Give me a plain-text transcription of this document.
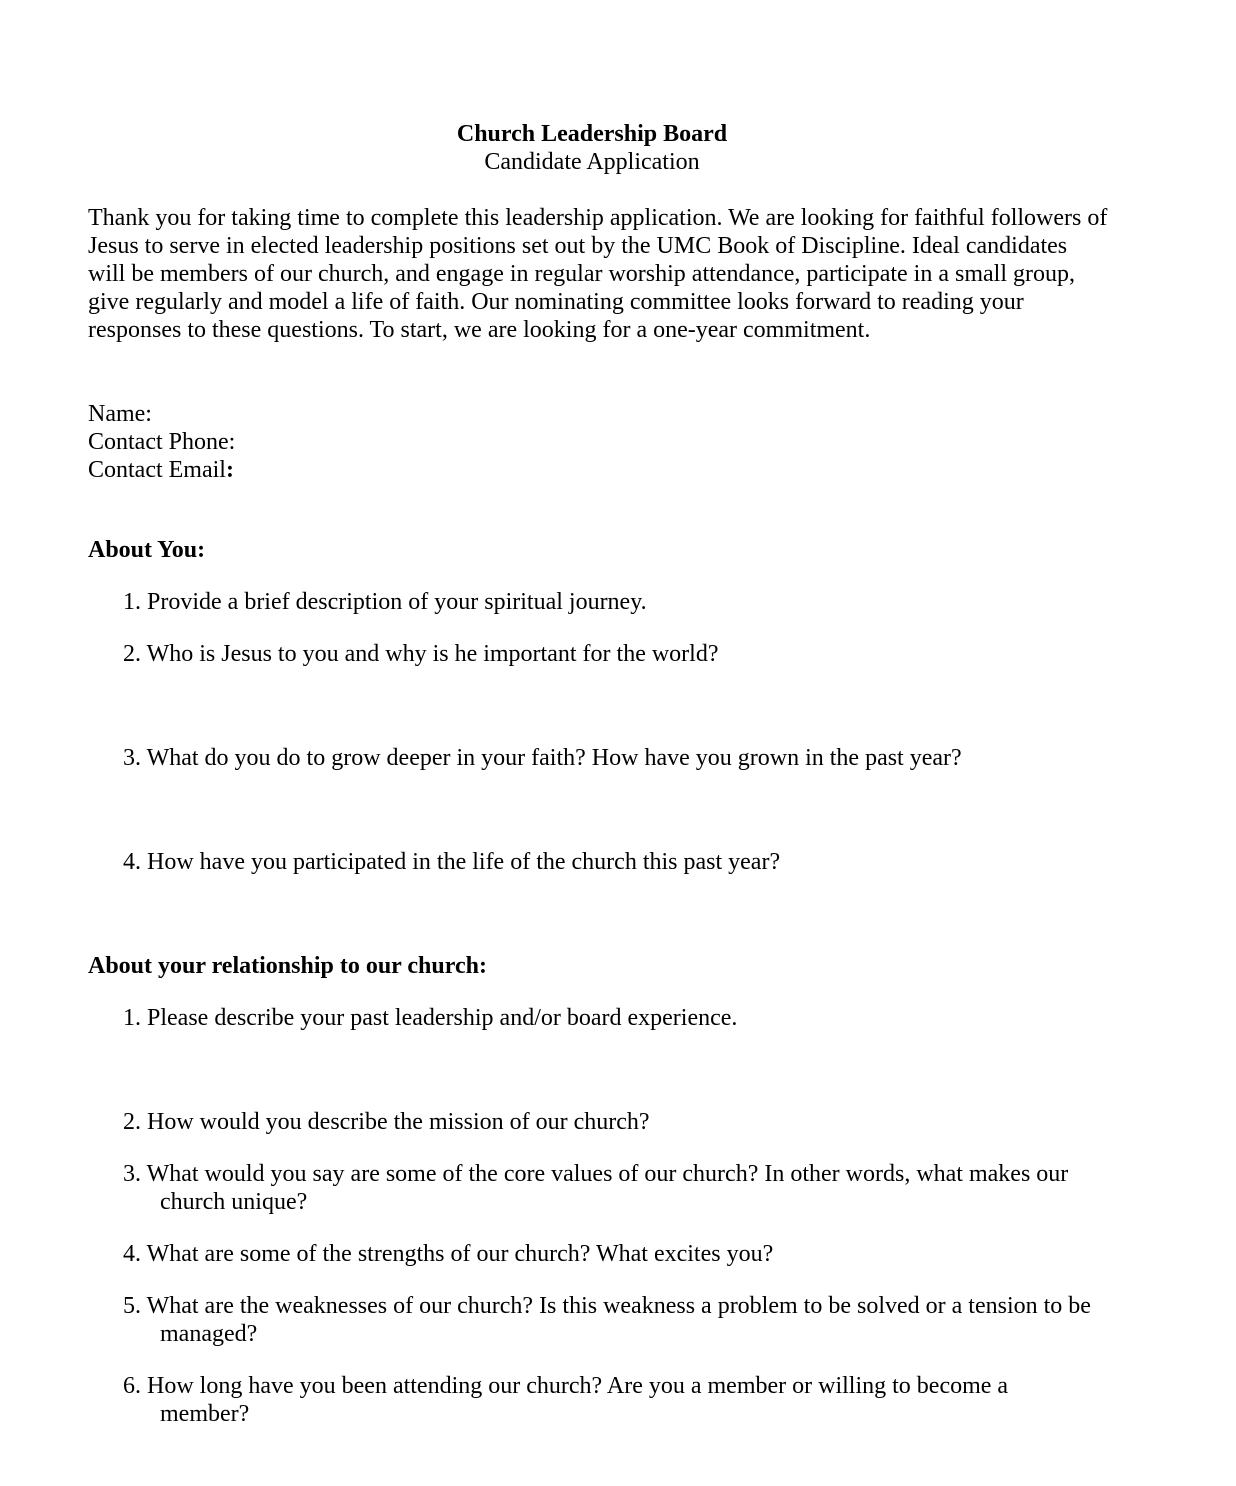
Church Leadership Board
Candidate Application

Thank you for taking time to complete this leadership application. We are looking for faithful followers of Jesus to serve in elected leadership positions set out by the UMC Book of Discipline. Ideal candidates will be members of our church, and engage in regular worship attendance, participate in a small group, give regularly and model a life of faith. Our nominating committee looks forward to reading your responses to these questions. To start, we are looking for a one-year commitment.

Name:
Contact Phone:
Contact Email:
About You:

1. Provide a brief description of your spiritual journey.

2. Who is Jesus to you and why is he important for the world?

3. What do you do to grow deeper in your faith? How have you grown in the past year?

4. How have you participated in the life of the church this past year?

About your relationship to our church:

1. Please describe your past leadership and/or board experience.

2. How would you describe the mission of our church?

3. What would you say are some of the core values of our church? In other words, what makes our
church unique?

4. What are some of the strengths of our church? What excites you?

5. What are the weaknesses of our church? Is this weakness a problem to be solved or a tension to be
managed?

6. How long have you been attending our church? Are you a member or willing to become a
member?
